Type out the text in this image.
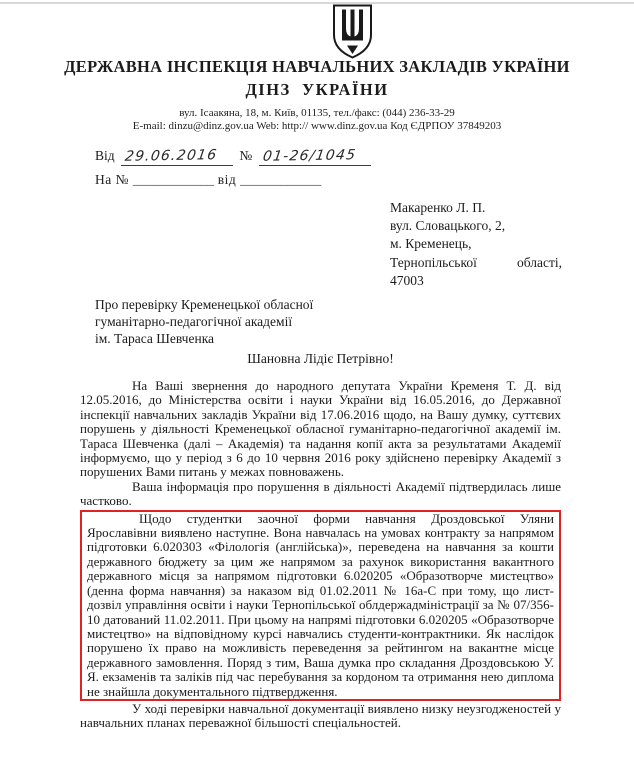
ДЕРЖАВНА ІНСПЕКЦІЯ НАВЧАЛЬНИХ ЗАКЛАДІВ УКРАЇНИ
ДІНЗ  УКРАЇНИ
вул. Ісаакяна, 18, м. Київ, 01135, тел./факс: (044) 236-33-29
E-mail: dinzu@dinz.gov.ua Web: http:// www.dinz.gov.ua Код ЄДРПОУ 37849203
Від 29.06.2016 № 01-26/1045
На № ____________ від ____________
Макаренко Л. П.
вул. Словацького, 2,
м. Кременець,
Тернопільської	області,
47003
Про перевірку Кременецької обласної
гуманітарно-педагогічної академії
ім. Тараса Шевченка
Шановна Лідіє Петрівно!

На Ваші звернення до народного депутата України Кременя Т. Д. від 12.05.2016, до Міністерства освіти і науки України від 16.05.2016, до Державної інспекції навчальних закладів України від 17.06.2016 щодо, на Вашу думку, суттєвих порушень у діяльності Кременецької обласної гуманітарно-педагогічної академії ім. Тараса Шевченка (далі – Академія) та надання копії акта за результатами Академії інформуємо, що у період з 6 до 10 червня 2016 року здійснено перевірку Академії з порушених Вами питань у межах повноважень.

Ваша інформація про порушення в діяльності Академії підтвердилась лише частково.

Щодо студентки заочної форми навчання Дроздовської Уляни Ярославівни виявлено наступне. Вона навчалась на умовах контракту за напрямом підготовки 6.020303 «Філологія (англійська)», переведена на навчання за кошти державного бюджету за цим же напрямом за рахунок використання вакантного державного місця за напрямом підготовки 6.020205 «Образотворче мистецтво» (денна форма навчання) за наказом від 01.02.2011 № 16а-С при тому, що лист-дозвіл управління освіти і науки Тернопільської облдержадміністрації за № 07/356-10 датований 11.02.2011. При цьому на напрямі підготовки 6.020205 «Образотворче мистецтво» на відповідному курсі навчались студенти-контрактники. Як наслідок порушено їх право на можливість переведення за рейтингом на вакантне місце державного замовлення. Поряд з тим, Ваша думка про складання Дроздовською У. Я. екзаменів та заліків під час перебування за кордоном та отримання нею диплома не знайшла документального підтвердження.

У ході перевірки навчальної документації виявлено низку неузгодженостей у навчальних планах переважної більшості спеціальностей.
